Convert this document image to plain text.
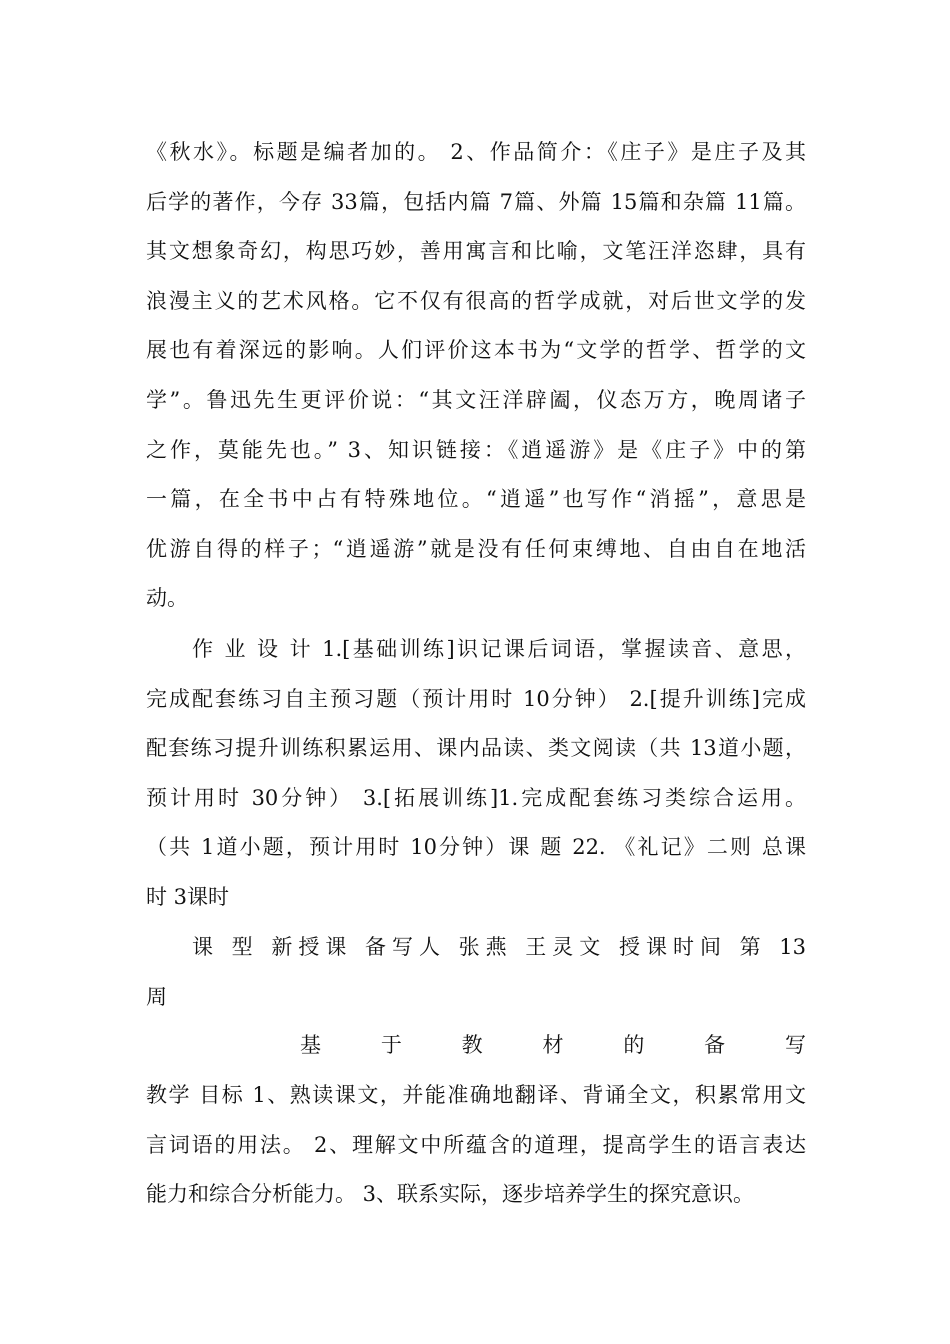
《秋水》。标题是编者加的。 2、作品简介：《庄子》是庄子及其
后学的著作，今存 33篇，包括内篇 7篇、外篇 15篇和杂篇 11篇。
其文想象奇幻，构思巧妙，善用寓言和比喻，文笔汪洋恣肆，具有
浪漫主义的艺术风格。它不仅有很高的哲学成就，对后世文学的发
展也有着深远的影响。人们评价这本书为“文学的哲学、哲学的文
学”。鲁迅先生更评价说：“其文汪洋辟阖，仪态万方，晚周诸子
之作，莫能先也。” 3、知识链接：《逍遥游》是《庄子》中的第
一篇，在全书中占有特殊地位。“逍遥”也写作“消摇”，意思是
优游自得的样子；“逍遥游”就是没有任何束缚地、自由自在地活
动。
作 业 设 计 1.[基础训练]识记课后词语，掌握读音、意思，
完成配套练习自主预习题（预计用时 10分钟） 2.[提升训练]完成
配套练习提升训练积累运用、课内品读、类文阅读（共 13道小题，
预计用时 30分钟） 3.[拓展训练]1.完成配套练习类综合运用。
（共 1道小题，预计用时 10分钟）课 题 22. 《礼记》二则 总课
时 3课时
课 型 新授课 备写人 张燕 王灵文 授课时间 第 13
周
基 于 教 材 的 备 写
教学 目标 1、熟读课文，并能准确地翻译、背诵全文，积累常用文
言词语的用法。 2、理解文中所蕴含的道理，提高学生的语言表达
能力和综合分析能力。 3、联系实际，逐步培养学生的探究意识。
